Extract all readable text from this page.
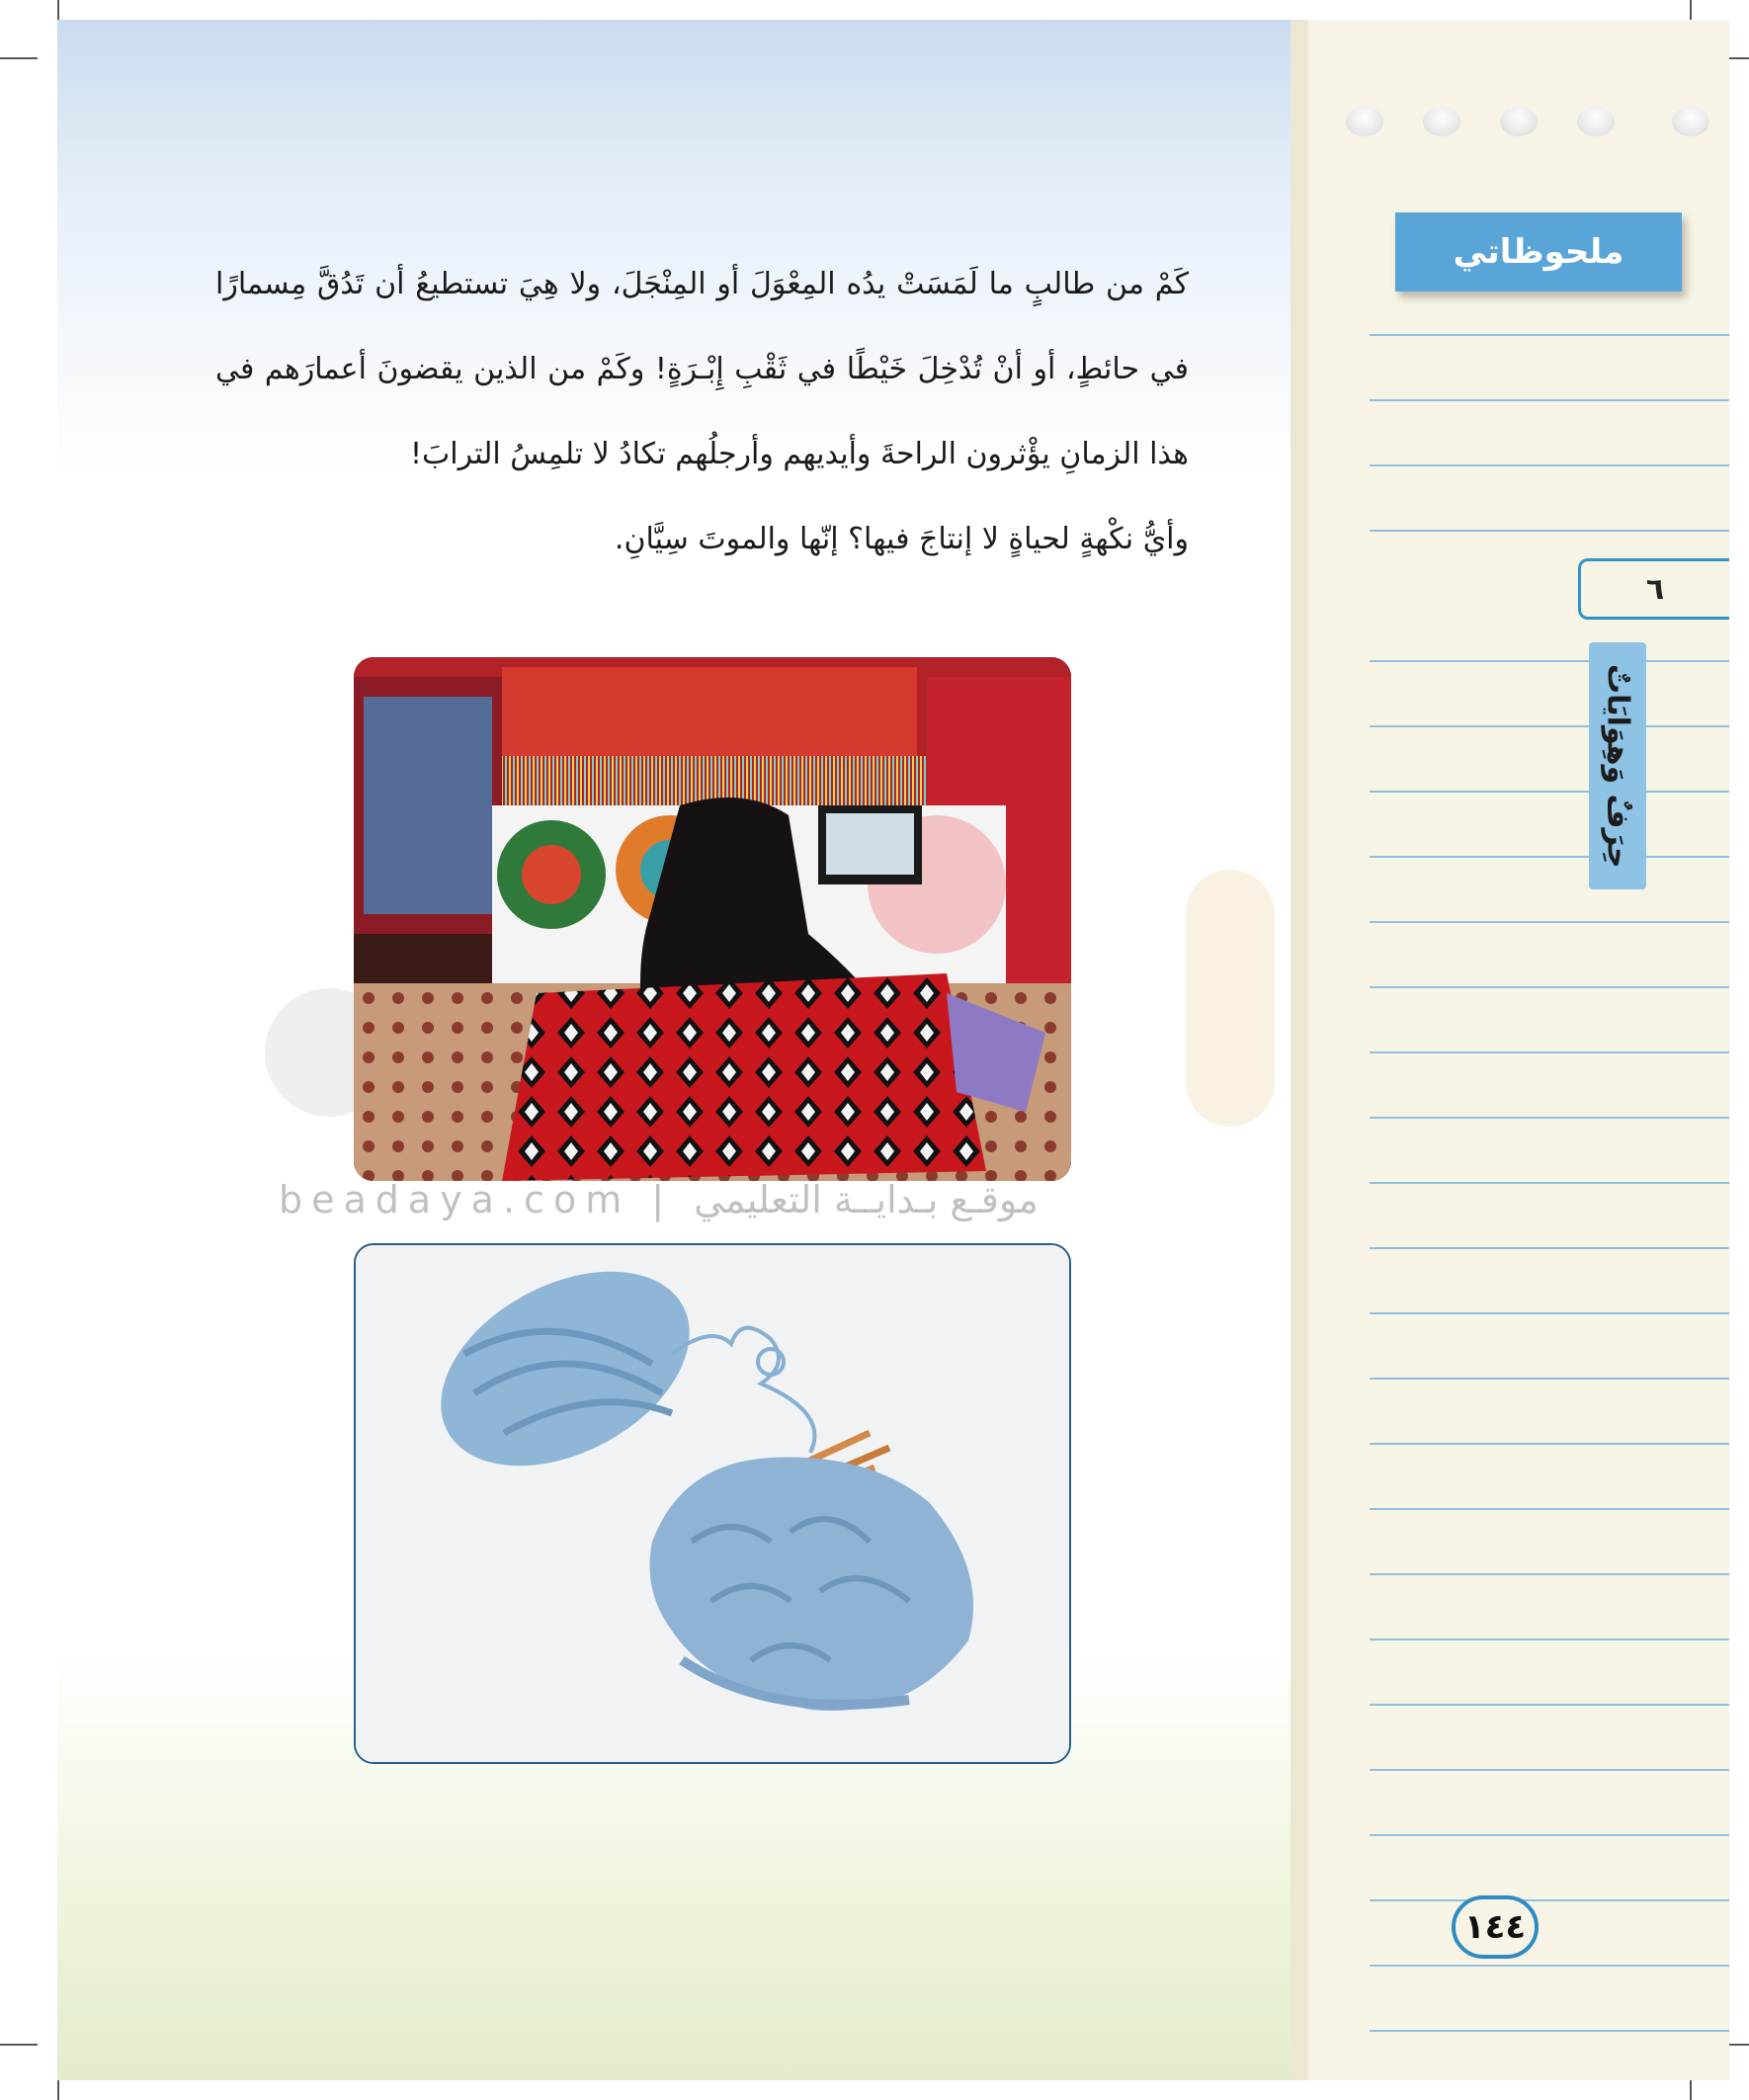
ملحوظاتي
٦
حِرَفٌ وَهِوَايَاتٌ

كَمْ من طالبٍ ما لَمَسَتْ يدُه المِعْوَلَ أو المِنْجَلَ، ولا هِيَ تستطيعُ أن تَدُقَّ مِسمارًا في حائطٍ، أو أنْ تُدْخِلَ خَيْطًا في ثَقْبِ إِبْـرَةٍ! وكَمْ من الذين يقضونَ أعمارَهم في هذا الزمانِ يؤْثرون الراحةَ وأيديهم وأرجلُهم تكادُ لا تلمِسُ الترابَ!

وأيُّ نكْهةٍ لحياةٍ لا إنتاجَ فيها؟ إنّها والموتَ سِيَّانِ.

beadaya.com | موقـع بـدايــة التعليمي
١٤٤
